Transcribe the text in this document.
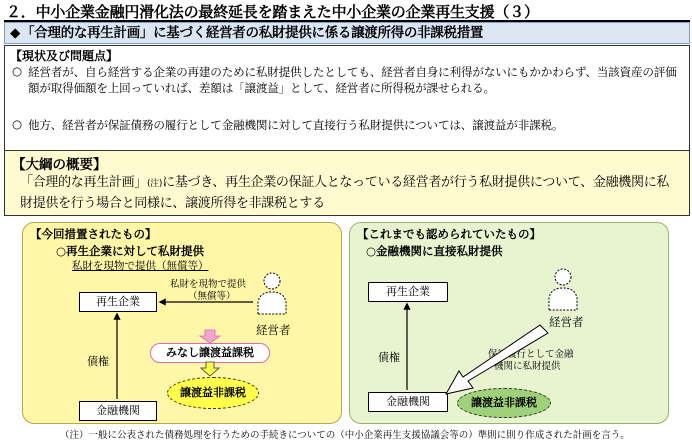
２．中小企業金融円滑化法の最終延長を踏まえた中小企業の企業再生支援（３）
◆「合理的な再生計画」に基づく経営者の私財提供に係る譲渡所得の非課税措置
【現状及び問題点】
○ 経営者が、自ら経営する企業の再建のために私財提供したとしても、経営者自身に利得がないにもかかわらず、当該資産の評価額が取得価額を上回っていれば、差額は「譲渡益」として、経営者に所得税が課せられる。
○ 他方、経営者が保証債務の履行として金融機関に対して直接行う私財提供については、譲渡益が非課税。
【大綱の概要】
「合理的な再生計画」(注)に基づき、再生企業の保証人となっている経営者が行う私財提供について、金融機関に私財提供を行う場合と同様に、譲渡所得を非課税とする
【今回措置されたもの】
○再生企業に対して私財提供
私財を現物で提供（無償等）
再生企業
金融機関
債権
私財を現物で提供
（無償等）
経営者
みなし譲渡益課税
譲渡益非課税
【これまでも認められていたもの】
○金融機関に直接私財提供
再生企業
金融機関
債権	保証履行として金融
機関に私財提供
経営者
譲渡益非課税
（注）一般に公表された債務処理を行うための手続きについての（中小企業再生支援協議会等の）準則に則り作成された計画を言う。
